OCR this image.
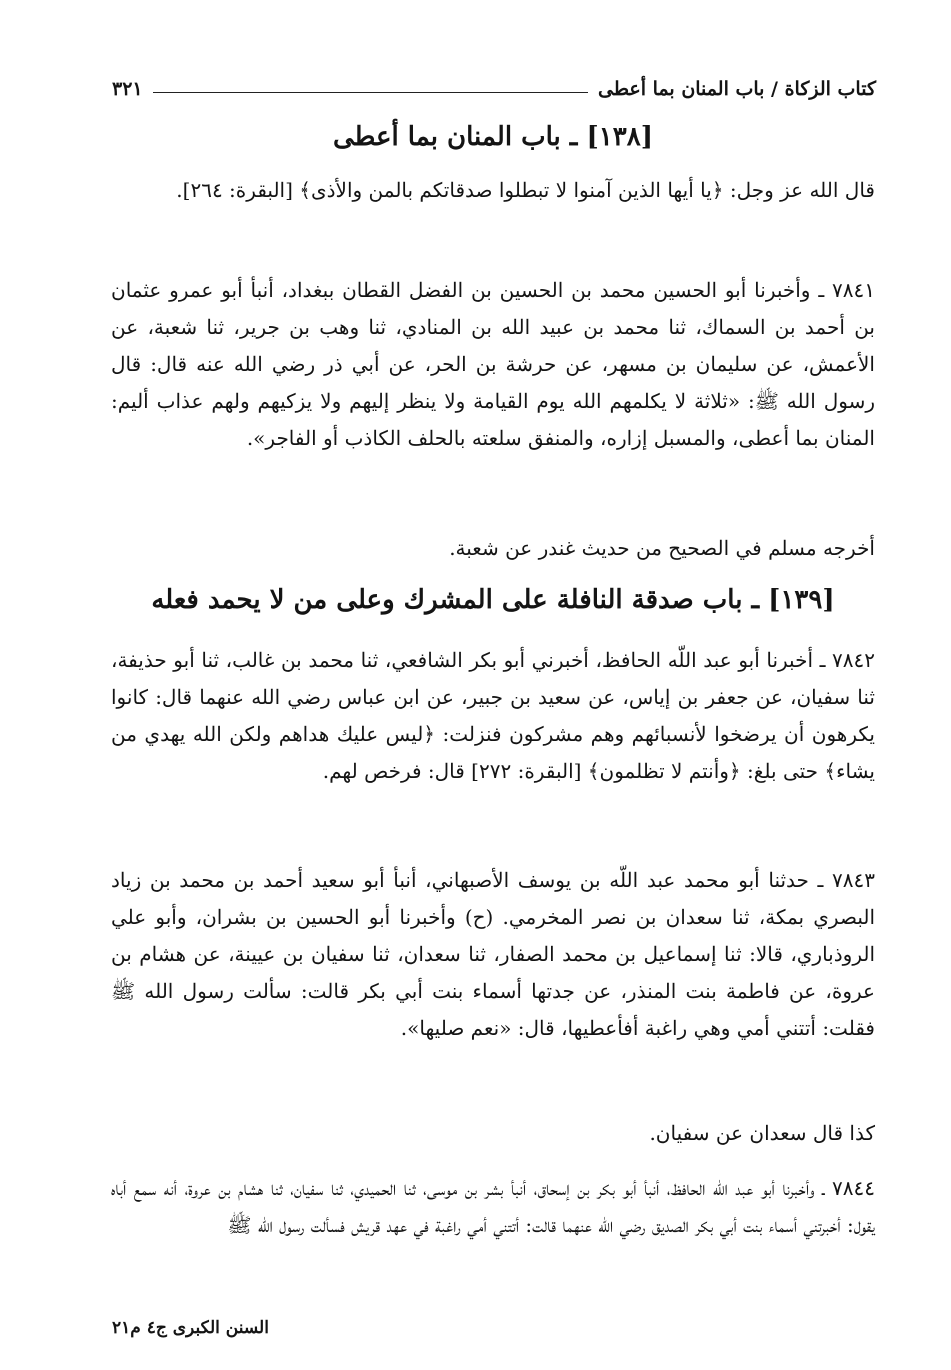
كتاب الزكاة / باب المنان بما أعطى
٣٢١
[١٣٨] ـ باب المنان بما أعطى
قال الله عز وجل: ﴿يا أيها الذين آمنوا لا تبطلوا صدقاتكم بالمن والأذى﴾ [البقرة: ٢٦٤].
٧٨٤١ ـ وأخبرنا أبو الحسين محمد بن الحسين بن الفضل القطان ببغداد، أنبأ أبو عمرو عثمان بن أحمد بن السماك، ثنا محمد بن عبيد الله بن المنادي، ثنا وهب بن جرير، ثنا شعبة، عن الأعمش، عن سليمان بن مسهر، عن حرشة بن الحر، عن أبي ذر رضي الله عنه قال: قال رسول الله ﷺ: «ثلاثة لا يكلمهم الله يوم القيامة ولا ينظر إليهم ولا يزكيهم ولهم عذاب أليم: المنان بما أعطى، والمسبل إزاره، والمنفق سلعته بالحلف الكاذب أو الفاجر».
أخرجه مسلم في الصحيح من حديث غندر عن شعبة.
[١٣٩] ـ باب صدقة النافلة على المشرك وعلى من لا يحمد فعله
٧٨٤٢ ـ أخبرنا أبو عبد اللّه الحافظ، أخبرني أبو بكر الشافعي، ثنا محمد بن غالب، ثنا أبو حذيفة، ثنا سفيان، عن جعفر بن إياس، عن سعيد بن جبير، عن ابن عباس رضي الله عنهما قال: كانوا يكرهون أن يرضخوا لأنسبائهم وهم مشركون فنزلت: ﴿ليس عليك هداهم ولكن الله يهدي من يشاء﴾ حتى بلغ: ﴿وأنتم لا تظلمون﴾ [البقرة: ٢٧٢] قال: فرخص لهم.
٧٨٤٣ ـ حدثنا أبو محمد عبد اللّه بن يوسف الأصبهاني، أنبأ أبو سعيد أحمد بن محمد بن زياد البصري بمكة، ثنا سعدان بن نصر المخرمي. (ح) وأخبرنا أبو الحسين بن بشران، وأبو علي الروذباري، قالا: ثنا إسماعيل بن محمد الصفار، ثنا سعدان، ثنا سفيان بن عيينة، عن هشام بن عروة، عن فاطمة بنت المنذر، عن جدتها أسماء بنت أبي بكر قالت: سألت رسول الله ﷺ فقلت: أتتني أمي وهي راغبة أفأعطيها، قال: «نعم صليها».
كذا قال سعدان عن سفيان.
٧٨٤٤ ـ وأخبرنا أبو عبد اللّه الحافظ، أنبأ أبو بكر بن إسحاق، أنبأ بشر بن موسى، ثنا الحميدي، ثنا سفيان، ثنا هشام بن عروة، أنه سمع أباه يقول: أخبرتني أسماء بنت أبي بكر الصديق رضي الله عنهما قالت: أتتني أمي راغبة في عهد قريش فسألت رسول الله ﷺ
السنن الكبرى ج٤ م٢١
